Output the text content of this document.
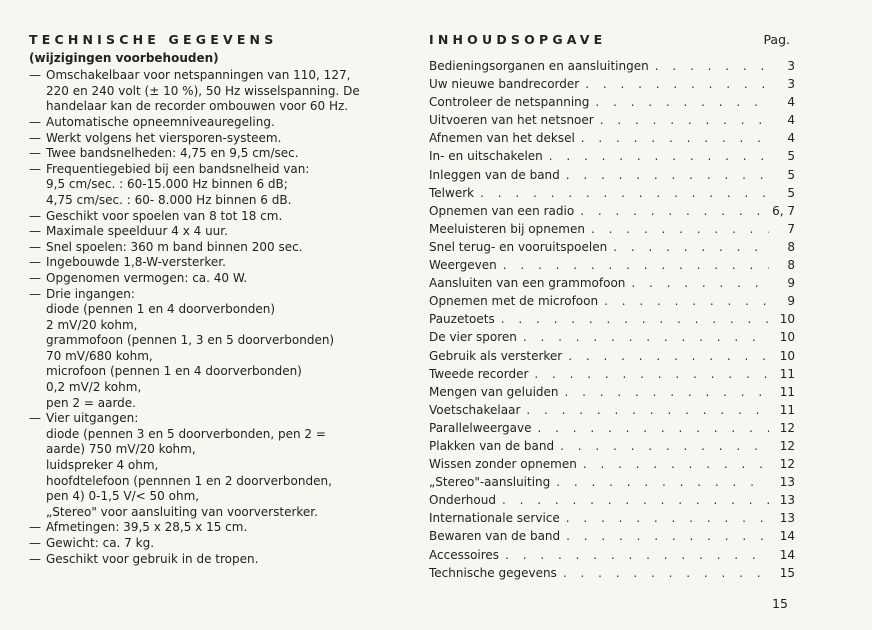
TECHNISCHE GEGEVENS
(wijzigingen voorbehouden)
— Omschakelbaar voor netspanningen van 110, 127,
220 en 240 volt (± 10 %), 50 Hz wisselspanning. De
handelaar kan de recorder ombouwen voor 60 Hz.
— Automatische opneemniveauregeling.
— Werkt volgens het viersporen-systeem.
— Twee bandsnelheden: 4,75 en 9,5 cm/sec.
— Frequentiegebied bij een bandsnelheid van:
9,5 cm/sec. : 60-15.000 Hz binnen 6 dB;
4,75 cm/sec. : 60- 8.000 Hz binnen 6 dB.
— Geschikt voor spoelen van 8 tot 18 cm.
— Maximale speelduur 4 x 4 uur.
— Snel spoelen: 360 m band binnen 200 sec.
— Ingebouwde 1,8-W-versterker.
— Opgenomen vermogen: ca. 40 W.
— Drie ingangen:
diode (pennen 1 en 4 doorverbonden)
2 mV/20 kohm,
grammofoon (pennen 1, 3 en 5 doorverbonden)
70 mV/680 kohm,
microfoon (pennen 1 en 4 doorverbonden)
0,2 mV/2 kohm,
pen 2 = aarde.
— Vier uitgangen:
diode (pennen 3 en 5 doorverbonden, pen 2 =
aarde) 750 mV/20 kohm,
luidspreker 4 ohm,
hoofdtelefoon (pennnen 1 en 2 doorverbonden,
pen 4) 0-1,5 V/< 50 ohm,
„Stereo" voor aansluiting van voorversterker.
— Afmetingen: 39,5 x 28,5 x 15 cm.
— Gewicht: ca. 7 kg.
— Geschikt voor gebruik in de tropen.
INHOUDSOPGAVE	Pag.
Bedieningsorganen en aansluitingen . . .	3
Uw nieuwe bandrecorder . . .	3
Controleer de netspanning . . .	4
Uitvoeren van het netsnoer . . .	4
Afnemen van het deksel . . .	4
In- en uitschakelen . . .	5
Inleggen van de band . . .	5
Telwerk . . .	5
Opnemen van een radio . . .	6, 7
Meeluisteren bij opnemen . . .	7
Snel terug- en vooruitspoelen . . .	8
Weergeven . . .	8
Aansluiten van een grammofoon . . .	9
Opnemen met de microfoon . . .	9
Pauzetoets . . .	10
De vier sporen . . .	10
Gebruik als versterker . . .	10
Tweede recorder . . .	11
Mengen van geluiden . . .	11
Voetschakelaar . . .	11
Parallelweergave . . .	12
Plakken van de band . . .	12
Wissen zonder opnemen . . .	12
„Stereo"-aansluiting . . .	13
Onderhoud . . .	13
Internationale service . . .	13
Bewaren van de band . . .	14
Accessoires . . .	14
Technische gegevens . . .	15
15
